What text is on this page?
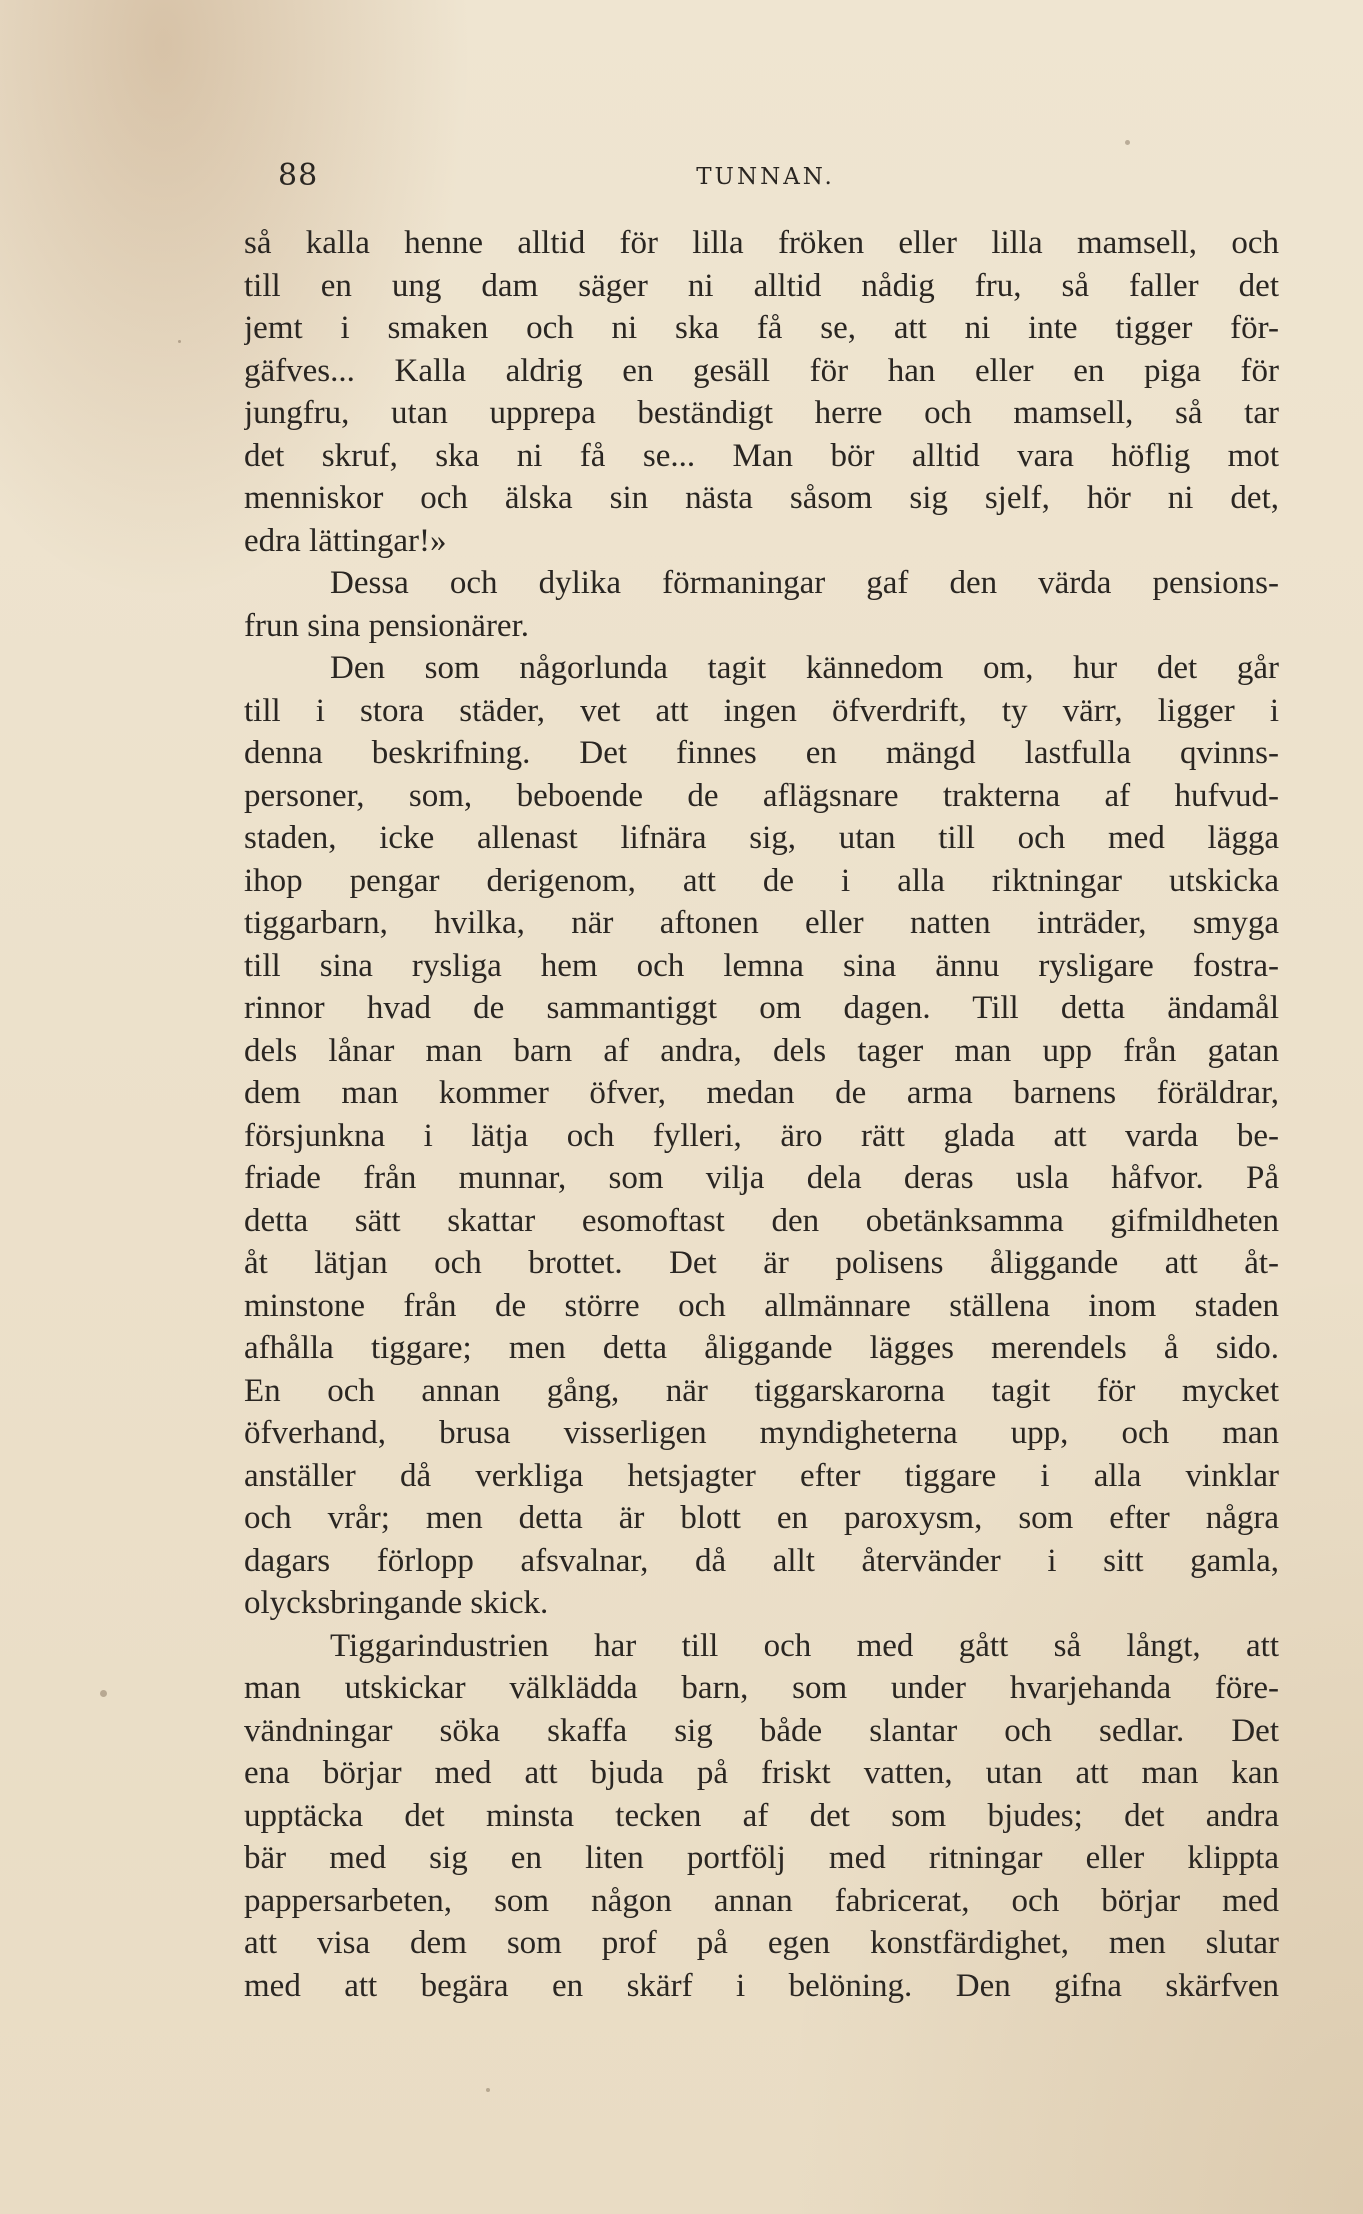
88	TUNNAN.
så kalla henne alltid för lilla fröken eller lilla mamsell, och
till en ung dam säger ni alltid nådig fru, så faller det
jemt i smaken och ni ska få se, att ni inte tigger för-
gäfves... Kalla aldrig en gesäll för han eller en piga för
jungfru, utan upprepa beständigt herre och mamsell, så tar
det skruf, ska ni få se... Man bör alltid vara höflig mot
menniskor och älska sin nästa såsom sig sjelf, hör ni det,
edra lättingar!»
Dessa och dylika förmaningar gaf den värda pensions-
frun sina pensionärer.
Den som någorlunda tagit kännedom om, hur det går
till i stora städer, vet att ingen öfverdrift, ty värr, ligger i
denna beskrifning. Det finnes en mängd lastfulla qvinns-
personer, som, beboende de aflägsnare trakterna af hufvud-
staden, icke allenast lifnära sig, utan till och med lägga
ihop pengar derigenom, att de i alla riktningar utskicka
tiggarbarn, hvilka, när aftonen eller natten inträder, smyga
till sina rysliga hem och lemna sina ännu rysligare fostra-
rinnor hvad de sammantiggt om dagen. Till detta ändamål
dels lånar man barn af andra, dels tager man upp från gatan
dem man kommer öfver, medan de arma barnens föräldrar,
försjunkna i lätja och fylleri, äro rätt glada att varda be-
friade från munnar, som vilja dela deras usla håfvor. På
detta sätt skattar esomoftast den obetänksamma gifmildheten
åt lätjan och brottet. Det är polisens åliggande att åt-
minstone från de större och allmännare ställena inom staden
afhålla tiggare; men detta åliggande lägges merendels å sido.
En och annan gång, när tiggarskarorna tagit för mycket
öfverhand, brusa visserligen myndigheterna upp, och man
anställer då verkliga hetsjagter efter tiggare i alla vinklar
och vrår; men detta är blott en paroxysm, som efter några
dagars förlopp afsvalnar, då allt återvänder i sitt gamla,
olycksbringande skick.
Tiggarindustrien har till och med gått så långt, att
man utskickar välklädda barn, som under hvarjehanda före-
vändningar söka skaffa sig både slantar och sedlar. Det
ena börjar med att bjuda på friskt vatten, utan att man kan
upptäcka det minsta tecken af det som bjudes; det andra
bär med sig en liten portfölj med ritningar eller klippta
pappersarbeten, som någon annan fabricerat, och börjar med
att visa dem som prof på egen konstfärdighet, men slutar
med att begära en skärf i belöning. Den gifna skärfven
